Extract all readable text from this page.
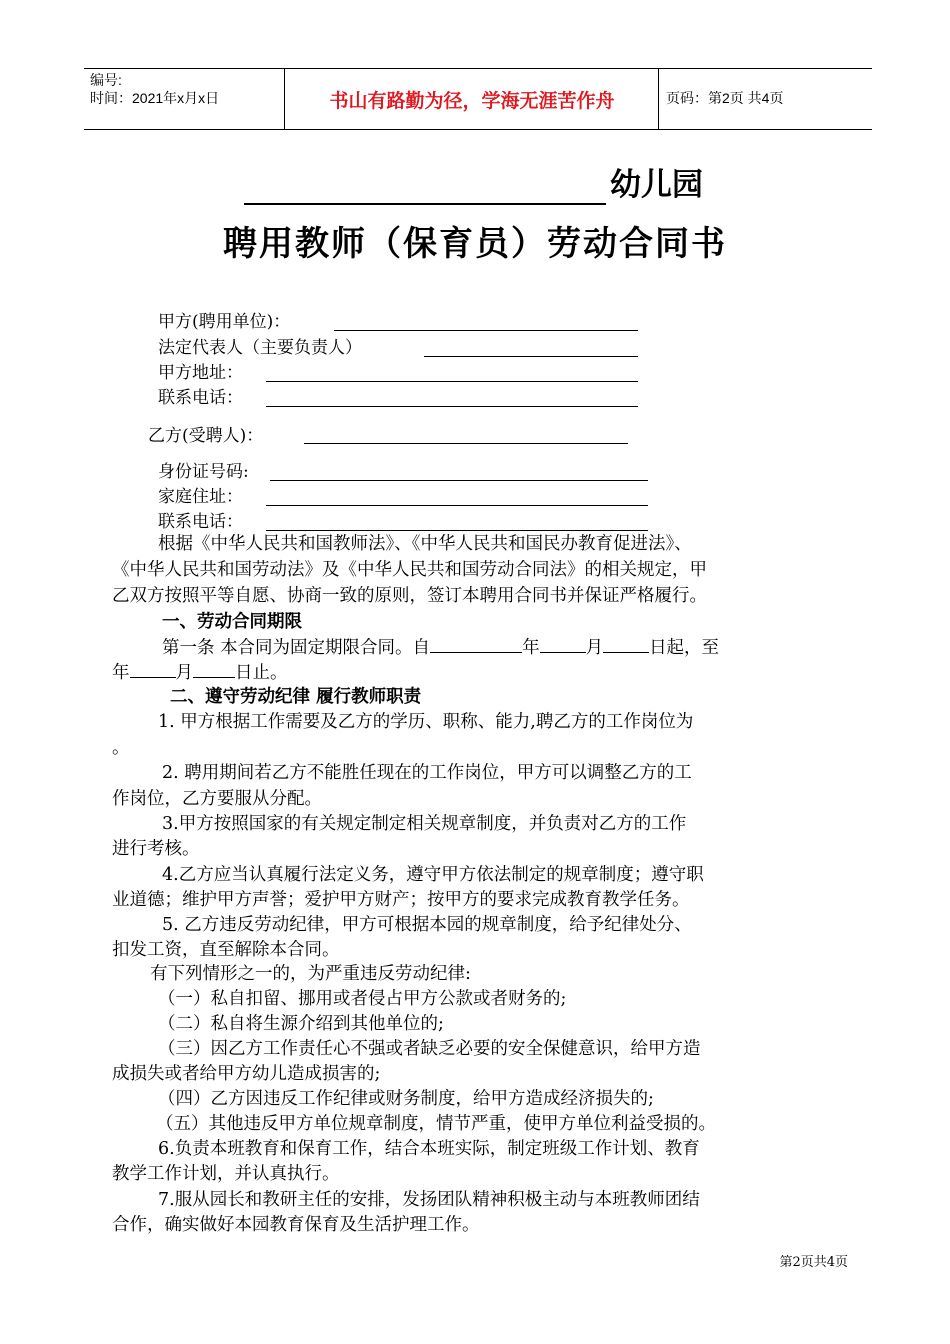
编号:
时间：2021年x月x日	书山有路勤为径，学海无涯苦作舟	页码：第2页 共4页
幼儿园
聘用教师（保育员）劳动合同书
甲方(聘用单位)：
法定代表人（主要负责人）
甲方地址：
联系电话：
乙方(受聘人)：
身份证号码:
家庭住址：
联系电话：
根据《中华人民共和国教师法》、《中华人民共和国民办教育促进法》、
《中华人民共和国劳动法》及《中华人民共和国劳动合同法》的相关规定，甲
乙双方按照平等自愿、协商一致的原则，签订本聘用合同书并保证严格履行。
一、劳动合同期限
第一条 本合同为固定期限合同。自	年	月	日起，至
年	月 日止。
二、遵守劳动纪律 履行教师职责
1. 甲方根据工作需要及乙方的学历、职称、能力,聘乙方的工作岗位为
。
2. 聘用期间若乙方不能胜任现在的工作岗位，甲方可以调整乙方的工
作岗位，乙方要服从分配。
3.甲方按照国家的有关规定制定相关规章制度，并负责对乙方的工作
进行考核。
4.乙方应当认真履行法定义务，遵守甲方依法制定的规章制度；遵守职
业道德；维护甲方声誉；爱护甲方财产；按甲方的要求完成教育教学任务。
5. 乙方违反劳动纪律，甲方可根据本园的规章制度，给予纪律处分、
扣发工资，直至解除本合同。
有下列情形之一的，为严重违反劳动纪律:
（一）私自扣留、挪用或者侵占甲方公款或者财务的;
（二）私自将生源介绍到其他单位的;
（三）因乙方工作责任心不强或者缺乏必要的安全保健意识，给甲方造
成损失或者给甲方幼儿造成损害的;
（四）乙方因违反工作纪律或财务制度，给甲方造成经济损失的;
（五）其他违反甲方单位规章制度，情节严重，使甲方单位利益受损的。
6.负责本班教育和保育工作，结合本班实际，制定班级工作计划、教育
教学工作计划，并认真执行。
7.服从园长和教研主任的安排，发扬团队精神积极主动与本班教师团结
合作，确实做好本园教育保育及生活护理工作。
第2页共4页
